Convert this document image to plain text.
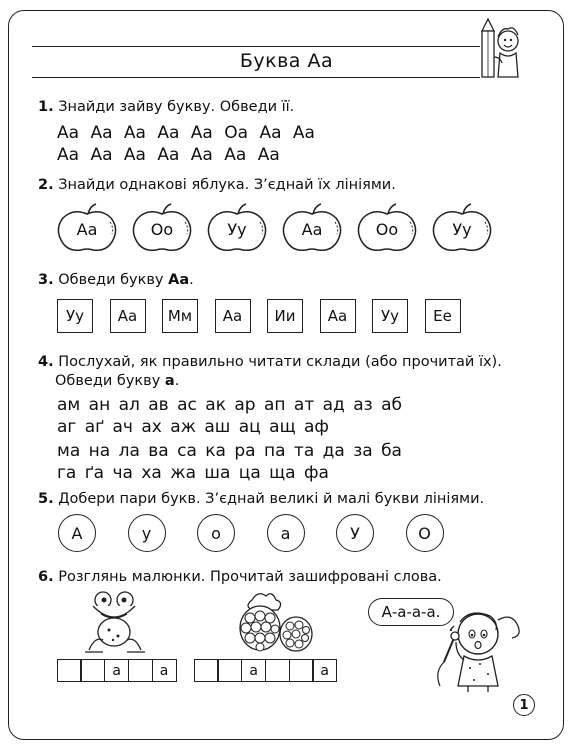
Буква Аа
1. Знайди зайву букву. Обведи її.
Аа Аа Аа Аа Аа Оа Аа Аа
Аа Аа Аа Аа Аа Аа Аа
2. Знайди однакові яблука. З’єднай їх лініями.
Аа	Оо	Уу	Аа	Оо	Уу
3. Обведи букву Аа.
Уу	Аа	Мм	Аа	Ии	Аа	Уу	Ее
4. Послухай, як правильно читати склади (або прочитай їх).
Обведи букву а.
ам ан ал ав ас ак ар ап ат ад аз аб
аг аґ ач ах аж аш ац ащ аф
ма на ла ва са ка ра па та да за ба
га ґа ча ха жа ша ца ща фа
5. Добери пари букв. З’єднай великі й малі букви лініями.
А	у	о	а	У	О
6. Розглянь малюнки. Прочитай зашифровані слова.
а	а	а	а
А-а-а-а.
1
